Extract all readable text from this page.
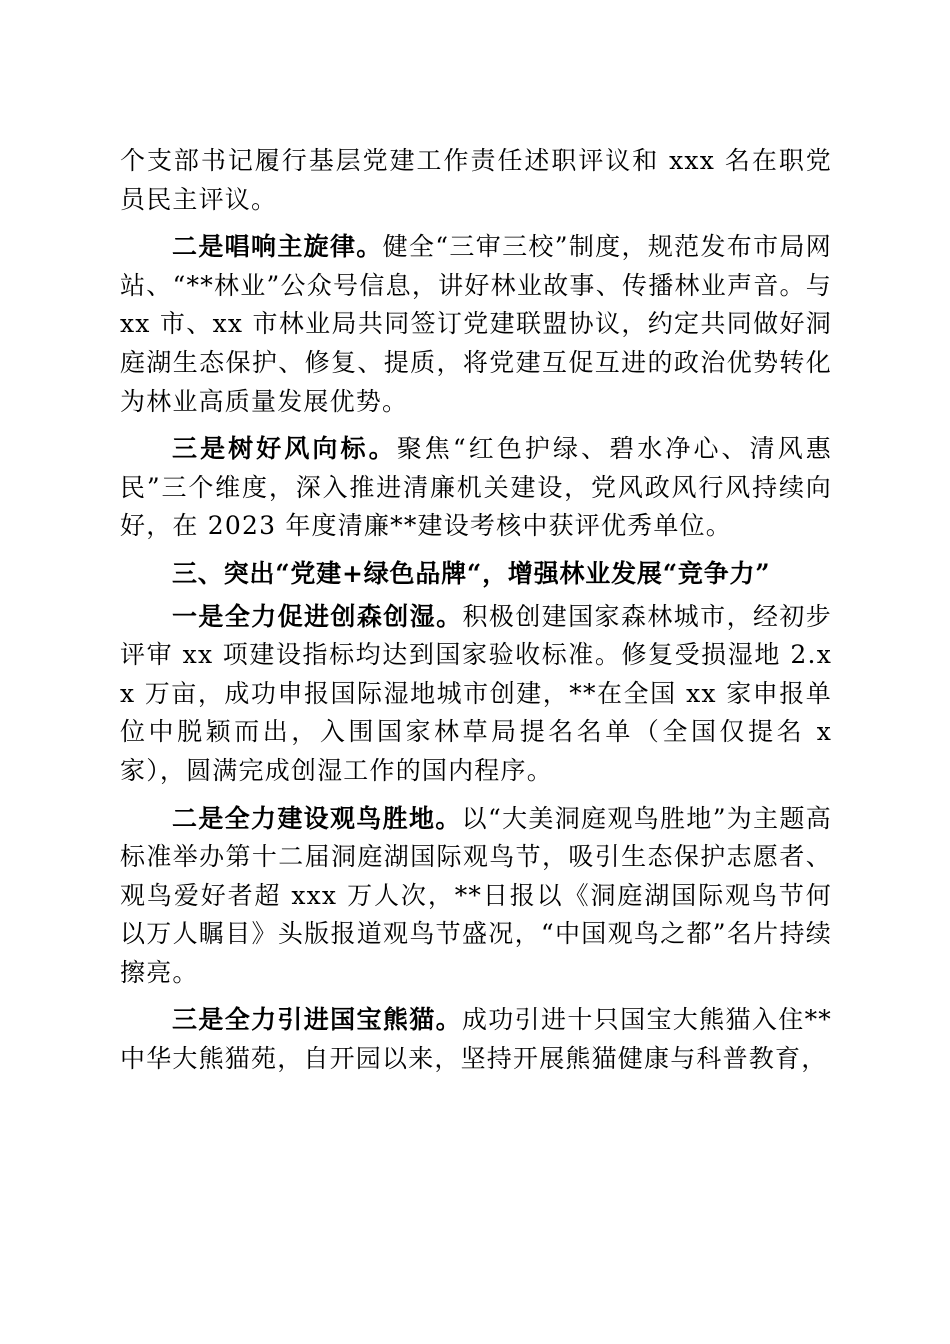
个支部书记履行基层党建工作责任述职评议和 xxx 名在职党员民主评议。

二是唱响主旋律。健全“三审三校”制度，规范发布市局网站、“**林业”公众号信息，讲好林业故事、传播林业声音。与 xx 市、xx 市林业局共同签订党建联盟协议，约定共同做好洞庭湖生态保护、修复、提质，将党建互促互进的政治优势转化为林业高质量发展优势。

三是树好风向标。聚焦“红色护绿、碧水净心、清风惠民”三个维度，深入推进清廉机关建设，党风政风行风持续向好，在 2023 年度清廉**建设考核中获评优秀单位。

三、突出“党建+绿色品牌“，增强林业发展“竞争力”

一是全力促进创森创湿。积极创建国家森林城市，经初步评审 xx 项建设指标均达到国家验收标准。修复受损湿地 2.xx 万亩，成功申报国际湿地城市创建，**在全国 xx 家申报单位中脱颖而出，入围国家林草局提名名单（全国仅提名 x 家），圆满完成创湿工作的国内程序。

二是全力建设观鸟胜地。以“大美洞庭观鸟胜地”为主题高标准举办第十二届洞庭湖国际观鸟节，吸引生态保护志愿者、观鸟爱好者超 xxx 万人次，**日报以《洞庭湖国际观鸟节何以万人瞩目》头版报道观鸟节盛况，“中国观鸟之都”名片持续擦亮。

三是全力引进国宝熊猫。成功引进十只国宝大熊猫入住**中华大熊猫苑，自开园以来，坚持开展熊猫健康与科普教育，
